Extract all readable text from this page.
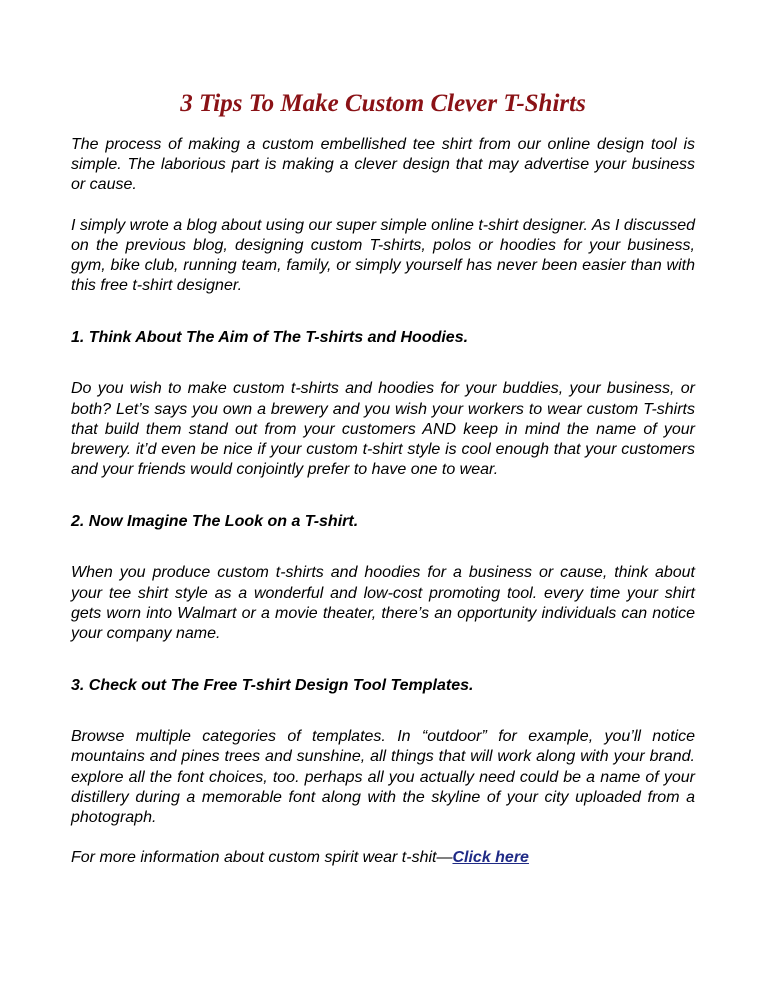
3 Tips To Make Custom Clever T-Shirts

The process of making a custom embellished tee shirt from our online design tool is simple. The laborious part is making a clever design that may advertise your business or cause.

I simply wrote a blog about using our super simple online t-shirt designer. As I discussed on the previous blog, designing custom T-shirts, polos or hoodies for your business, gym, bike club, running team, family, or simply yourself has never been easier than with this free t-shirt designer.

1. Think About The Aim of The T-shirts and Hoodies.

Do you wish to make custom t-shirts and hoodies for your buddies, your business, or both? Let’s says you own a brewery and you wish your workers to wear custom T-shirts that build them stand out from your customers AND keep in mind the name of your brewery. it’d even be nice if your custom t-shirt style is cool enough that your customers and your friends would conjointly prefer to have one to wear.

2. Now Imagine The Look on a T-shirt.

When you produce custom t-shirts and hoodies for a business or cause, think about your tee shirt style as a wonderful and low-cost promoting tool. every time your shirt gets worn into Walmart or a movie theater, there’s an opportunity individuals can notice your company name.

3. Check out The Free T-shirt Design Tool Templates.

Browse multiple categories of templates. In “outdoor” for example, you’ll notice mountains and pines trees and sunshine, all things that will work along with your brand. explore all the font choices, too. perhaps all you actually need could be a name of your distillery during a memorable font along with the skyline of your city uploaded from a photograph.

For more information about custom spirit wear t-shit—Click here
